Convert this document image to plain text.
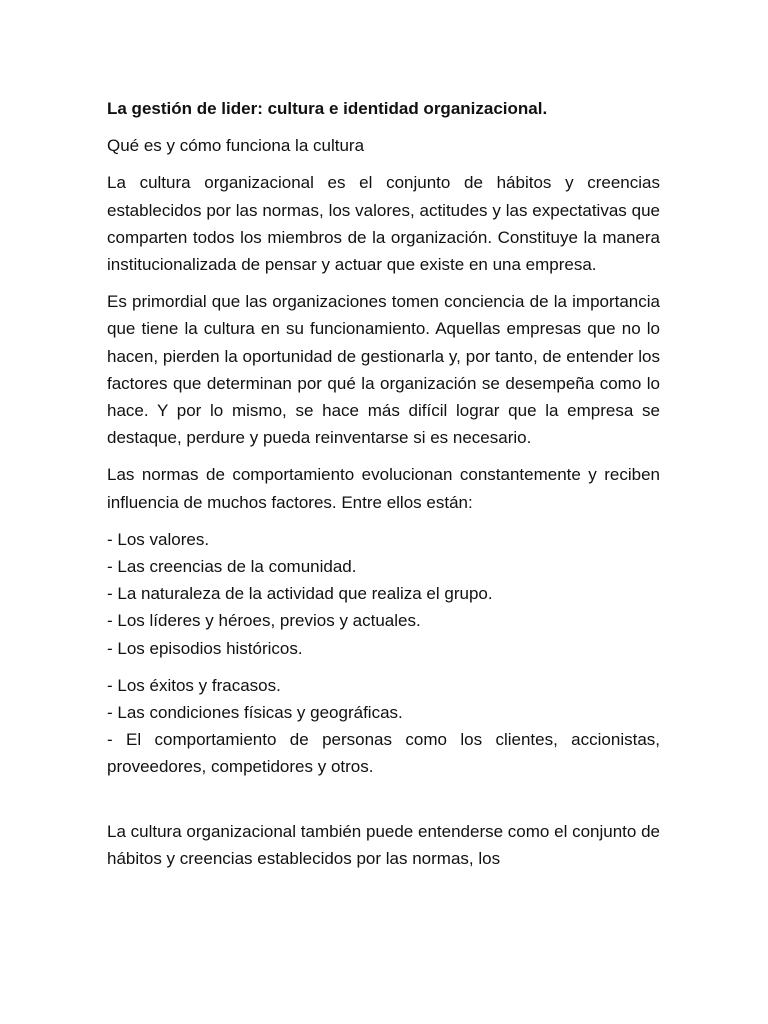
La gestión de lider: cultura e identidad organizacional.

Qué es y cómo funciona la cultura

La cultura organizacional es el conjunto de hábitos y creencias establecidos por las normas, los valores, actitudes y las expectativas que comparten todos los miembros de la organización. Constituye la manera institucionalizada de pensar y actuar que existe en una empresa.

Es primordial que las organizaciones tomen conciencia de la importancia que tiene la cultura en su funcionamiento. Aquellas empresas que no lo hacen, pierden la oportunidad de gestionarla y, por tanto, de entender los factores que determinan por qué la organización se desempeña como lo hace. Y por lo mismo, se hace más difícil lograr que la empresa se destaque, perdure y pueda reinventarse si es necesario.

Las normas de comportamiento evolucionan constantemente y reciben influencia de muchos factores. Entre ellos están:

- Los valores.
- Las creencias de la comunidad.
- La naturaleza de la actividad que realiza el grupo.
- Los líderes y héroes, previos y actuales.
- Los episodios históricos.
- Los éxitos y fracasos.
- Las condiciones físicas y geográficas.
- El comportamiento de personas como los clientes, accionistas, proveedores, competidores y otros.

La cultura organizacional también puede entenderse como el conjunto de hábitos y creencias establecidos por las normas, los
